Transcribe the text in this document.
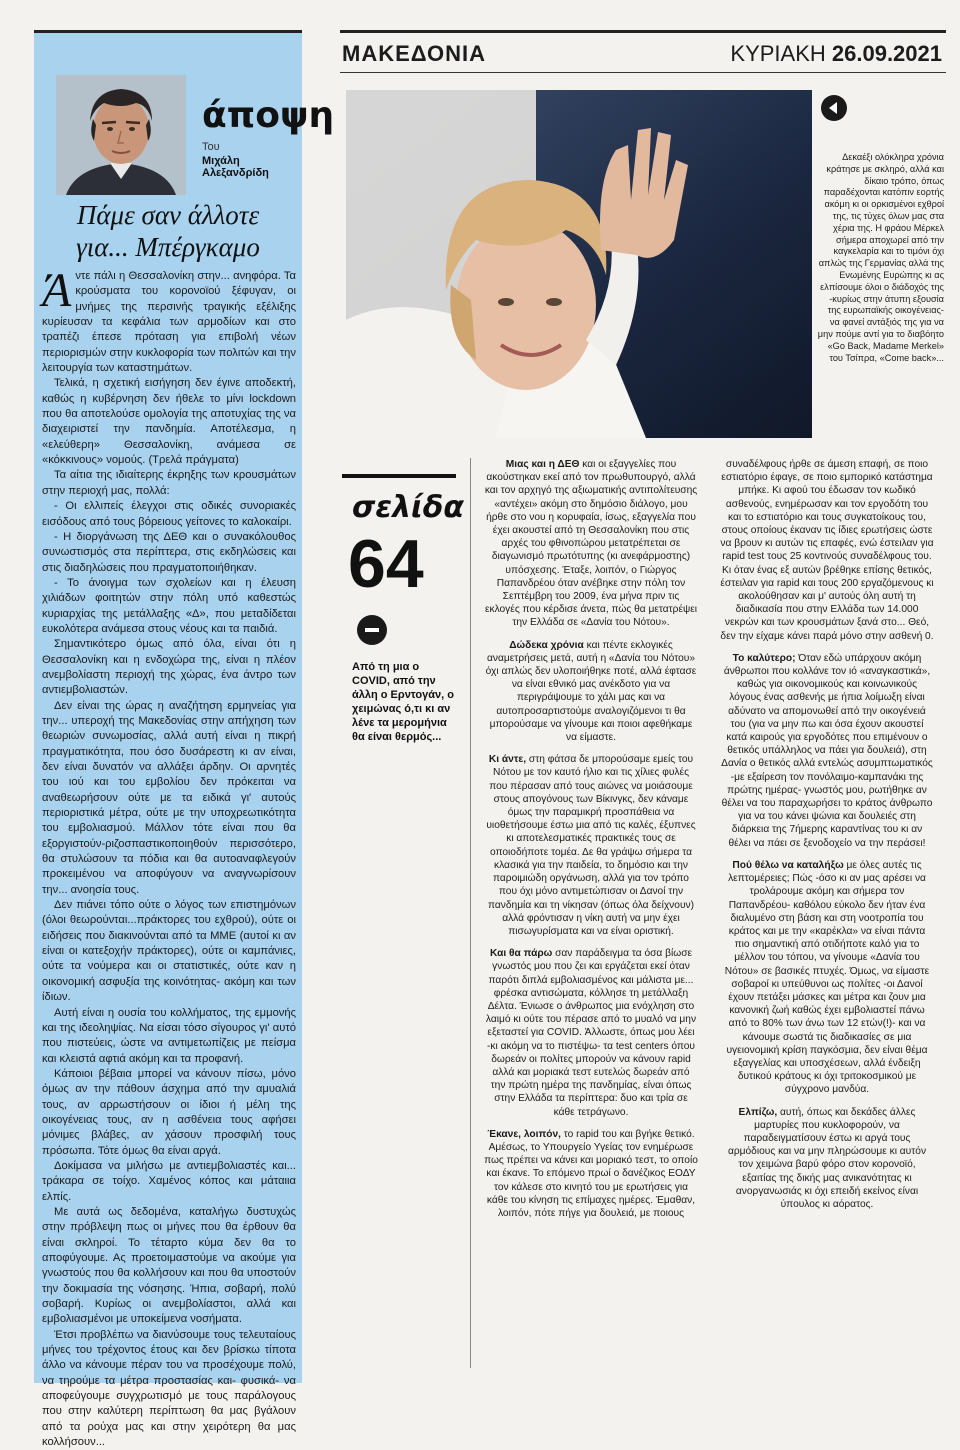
άποψη
Του
Μιχάλη Αλεξανδρίδη
Πάμε σαν άλλοτε
για... Μπέργκαμο

Άντε πάλι η Θεσσαλονίκη στην... ανηφόρα. Τα κρούσματα του κορονοϊού ξέφυγαν, οι μνήμες της περσινής τραγικής εξέλιξης κυρίευσαν τα κεφάλια των αρμοδίων και στο τραπέζι έπεσε πρόταση για επιβολή νέων περιορισμών στην κυκλοφορία των πολιτών και την λειτουργία των καταστημάτων.

Τελικά, η σχετική εισήγηση δεν έγινε αποδεκτή, καθώς η κυβέρνηση δεν ήθελε το μίνι lockdown που θα αποτελούσε ομολογία της αποτυχίας της να διαχειριστεί την πανδημία. Αποτέλεσμα, η «ελεύθερη» Θεσσαλονίκη, ανάμεσα σε «κόκκινους» νομούς. (Τρελά πράγματα)

Τα αίτια της ιδιαίτερης έκρηξης των κρουσμάτων στην περιοχή μας, πολλά:

- Οι ελλιπείς έλεγχοι στις οδικές συνοριακές εισόδους από τους βόρειους γείτονες το καλοκαίρι.

- Η διοργάνωση της ΔΕΘ και ο συνακόλουθος συνωστισμός στα περίπτερα, στις εκδηλώσεις και στις διαδηλώσεις που πραγματοποιήθηκαν.

- Το άνοιγμα των σχολείων και η έλευση χιλιάδων φοιτητών στην πόλη υπό καθεστώς κυριαρχίας της μετάλλαξης «Δ», που μεταδίδεται ευκολότερα ανάμεσα στους νέους και τα παιδιά.

Σημαντικότερο όμως από όλα, είναι ότι η Θεσσαλονίκη και η ενδοχώρα της, είναι η πλέον ανεμβολίαστη περιοχή της χώρας, ένα άντρο των αντιεμβολιαστών.

Δεν είναι της ώρας η αναζήτηση ερμηνείας για την... υπεροχή της Μακεδονίας στην απήχηση των θεωριών συνωμοσίας, αλλά αυτή είναι η πικρή πραγματικότητα, που όσο δυσάρεστη κι αν είναι, δεν είναι δυνατόν να αλλάξει άρδην. Οι αρνητές του ιού και του εμβολίου δεν πρόκειται να αναθεωρήσουν ούτε με τα ειδικά γι' αυτούς περιοριστικά μέτρα, ούτε με την υποχρεωτικότητα του εμβολιασμού. Μάλλον τότε είναι που θα εξοργιστούν-ριζοσπαστικοποιηθούν περισσότερο, θα στυλώσουν τα πόδια και θα αυτοαναφλεγούν προκειμένου να αποφύγουν να αναγνωρίσουν την... ανοησία τους.

Δεν πιάνει τόπο ούτε ο λόγος των επιστημόνων (όλοι θεωρούνται...πράκτορες του εχθρού), ούτε οι ειδήσεις που διακινούνται από τα ΜΜΕ (αυτοί κι αν είναι οι κατεξοχήν πράκτορες), ούτε οι καμπάνιες, ούτε τα νούμερα και οι στατιστικές, ούτε καν η οικονομική ασφυξία της κοινότητας- ακόμη και των ίδιων.

Αυτή είναι η ουσία του κολλήματος, της εμμονής και της ιδεοληψίας. Να είσαι τόσο σίγουρος γι' αυτό που πιστεύεις, ώστε να αντιμετωπίζεις με πείσμα και κλειστά αφτιά ακόμη και τα προφανή.

Κάποιοι βέβαια μπορεί να κάνουν πίσω, μόνο όμως αν την πάθουν άσχημα από την αμυαλιά τους, αν αρρωστήσουν οι ίδιοι ή μέλη της οικογένειας τους, αν η ασθένεια τους αφήσει μόνιμες βλάβες, αν χάσουν προσφιλή τους πρόσωπα. Τότε όμως θα είναι αργά.

Δοκίμασα να μιλήσω με αντιεμβολιαστές και... τράκαρα σε τοίχο. Χαμένος κόπος και μάταιια ελπίς.

Με αυτά ως δεδομένα, καταλήγω δυστυχώς στην πρόβλεψη πως οι μήνες που θα έρθουν θα είναι σκληροί. Το τέταρτο κύμα δεν θα το αποφύγουμε. Ας προετοιμαστούμε να ακούμε για γνωστούς που θα κολλήσουν και που θα υποστούν την δοκιμασία της νόσησης. Ήπια, σοβαρή, πολύ σοβαρή. Κυρίως οι ανεμβολίαστοι, αλλά και εμβολιασμένοι με υποκείμενα νοσήματα.

Έτσι προβλέπω να διανύσουμε τους τελευταίους μήνες του τρέχοντος έτους και δεν βρίσκω τίποτα άλλο να κάνουμε πέραν του να προσέχουμε πολύ, να τηρούμε τα μέτρα προστασίας και- φυσικά- να αποφεύγουμε συγχρωτισμό με τους παράλογους που στην καλύτερη περίπτωση θα μας βγάλουν από τα ρούχα μας και στην χειρότερη θα μας κολλήσουν...

ΜΑΚΕΔΟΝΙΑ	ΚΥΡΙΑΚΗ 26.09.2021
Δεκαέξι ολόκληρα χρόνια κράτησε με σκληρό, αλλά και δίκαιο τρόπο, όπως παραδέχονται κατόπιν εορτής ακόμη κι οι ορκισμένοι εχθροί της, τις τύχες όλων μας στα χέρια της. Η φράου Μέρκελ σήμερα αποχωρεί από την καγκελαρία και το τιμόνι όχι απλώς της Γερμανίας αλλά της Ενωμένης Ευρώπης κι ας ελπίσουμε όλοι ο διάδοχός της -κυρίως στην άτυπη εξουσία της ευρωπαϊκής οικογένειας- να φανεί αντάξιός της για να μην πούμε αντί για το διαβόητο «Go Back, Madame Merkel» του Τσίπρα, «Come back»...
σελίδα
64
Από τη μια ο COVID, από την άλλη ο Ερντογάν, ο χειμώνας ό,τι κι αν λένε τα μερομήνια θα είναι θερμός...

Μιας και η ΔΕΘ και οι εξαγγελίες που ακούστηκαν εκεί από τον πρωθυπουργό, αλλά και τον αρχηγό της αξιωματικής αντιπολίτευσης «αντέχει» ακόμη στο δημόσιο διάλογο, μου ήρθε στο νου η κορυφαία, ίσως, εξαγγελία που έχει ακουστεί από τη Θεσσαλονίκη που στις αρχές του φθινοπώρου μετατρέπεται σε διαγωνισμό πρωτότυπης (κι ανεφάρμοστης) υπόσχεσης. Έταξε, λοιπόν, ο Γιώργος Παπανδρέου όταν ανέβηκε στην πόλη τον Σεπτέμβρη του 2009, ένα μήνα πριν τις εκλογές που κέρδισε άνετα, πώς θα μετατρέψει την Ελλάδα σε «Δανία του Νότου».

Δώδεκα χρόνια και πέντε εκλογικές αναμετρήσεις μετά, αυτή η «Δανία του Νότου» όχι απλώς δεν υλοποιήθηκε ποτέ, αλλά έφτασε να είναι εθνικό μας ανέκδοτο για να περιγράψουμε το χάλι μας και να αυτοπροσαρτιστούμε αναλογιζόμενοι τι θα μπορούσαμε να γίνουμε και ποιοι αφεθήκαμε να είμαστε.

Κι άντε, στη φάτσα δε μπορούσαμε εμείς του Νότου με τον καυτό ήλιο και τις χίλιες φυλές που πέρασαν από τους αιώνες να μοιάσουμε στους απογόνους των Βίκινγκς, δεν κάναμε όμως την παραμικρή προσπάθεια να υιοθετήσουμε έστω μια από τις καλές, έξυπνες κι αποτελεσματικές πρακτικές τους σε οποιοδήποτε τομέα. Δε θα γράψω σήμερα τα κλασικά για την παιδεία, το δημόσιο και την παροιμιώδη οργάνωση, αλλά για τον τρόπο που όχι μόνο αντιμετώπισαν οι Δανοί την πανδημία και τη νίκησαν (όπως όλα δείχνουν) αλλά φρόντισαν η νίκη αυτή να μην έχει πισωγυρίσματα και να είναι οριστική.

Και θα πάρω σαν παράδειγμα τα όσα βίωσε γνωστός μου που ζει και εργάζεται εκεί όταν παρότι διπλά εμβολιασμένος και μάλιστα με... φρέσκα αντισώματα, κόλλησε τη μετάλλαξη Δέλτα. Ένιωσε ο άνθρωπος μια ενόχληση στο λαιμό κι ούτε του πέρασε από το μυαλό να μην εξεταστεί για COVID. Άλλωστε, όπως μου λέει -κι ακόμη να το πιστέψω- τα test centers όπου δωρεάν οι πολίτες μπορούν να κάνουν rapid αλλά και μοριακά τεστ ευτελώς δωρεάν από την πρώτη ημέρα της πανδημίας, είναι όπως στην Ελλάδα τα περίπτερα: δυο και τρία σε κάθε τετράγωνο.

Έκανε, λοιπόν, το rapid του και βγήκε θετικό. Αμέσως, το Υπουργείο Υγείας τον ενημέρωσε πως πρέπει να κάνει και μοριακό τεστ, το οποίο και έκανε. Το επόμενο πρωί ο δανέζικος ΕΟΔΥ τον κάλεσε στο κινητό του με ερωτήσεις για κάθε του κίνηση τις επίμαχες ημέρες. Έμαθαν, λοιπόν, πότε πήγε για δουλειά, με ποιους

συναδέλφους ήρθε σε άμεση επαφή, σε ποιο εστιατόριο έφαγε, σε ποιο εμπορικό κατάστημα μπήκε. Κι αφού του έδωσαν τον κωδικό ασθενούς, ενημέρωσαν και τον εργοδότη του και το εστιατόριο και τους συγκατοίκους του, στους οποίους έκαναν τις ίδιες ερωτήσεις ώστε να βρουν κι αυτών τις επαφές, ενώ έστειλαν για rapid test τους 25 κοντινούς συναδέλφους του. Κι όταν ένας εξ αυτών βρέθηκε επίσης θετικός, έστειλαν για rapid και τους 200 εργαζόμενους κι ακολούθησαν και μ' αυτούς όλη αυτή τη διαδικασία που στην Ελλάδα των 14.000 νεκρών και των κρουσμάτων ξανά στο... Θεό, δεν την είχαμε κάνει παρά μόνο στην ασθενή 0.

Το καλύτερο; Όταν εδώ υπάρχουν ακόμη άνθρωποι που κολλάνε τον ιό «αναγκαστικά», καθώς για οικονομικούς και κοινωνικούς λόγους ένας ασθενής με ήπια λοίμωξη είναι αδύνατο να απομονωθεί από την οικογένειά του (για να μην πω και όσα έχουν ακουστεί κατά καιρούς για εργοδότες που επιμένουν ο θετικός υπάλληλος να πάει για δουλειά), στη Δανία ο θετικός αλλά εντελώς ασυμπτωματικός -με εξαίρεση τον πονόλαιμο-καμπανάκι της πρώτης ημέρας- γνωστός μου, ρωτήθηκε αν θέλει να του παραχωρήσει το κράτος άνθρωπο για να του κάνει ψώνια και δουλειές στη διάρκεια της 7ήμερης καραντίνας του κι αν θέλει να πάει σε ξενοδοχείο να την περάσει!

Πού θέλω να καταλήξω με όλες αυτές τις λεπτομέρειες; Πώς -όσο κι αν μας αρέσει να τρολάρουμε ακόμη και σήμερα τον Παπανδρέου- καθόλου εύκολο δεν ήταν ένα διαλυμένο στη βάση και στη νοοτροπία του κράτος και με την «καρέκλα» να είναι πάντα πιο σημαντική από οτιδήποτε καλό για το μέλλον του τόπου, να γίνουμε «Δανία του Νότου» σε βασικές πτυχές. Όμως, να είμαστε σοβαροί κι υπεύθυνοι ως πολίτες -οι Δανοί έχουν πετάξει μάσκες και μέτρα και ζουν μια κανονική ζωή καθώς έχει εμβολιαστεί πάνω από το 80% των άνω των 12 ετών(!)- και να κάνουμε σωστά τις διαδικασίες σε μια υγειονομική κρίση παγκόσμια, δεν είναι θέμα εξαγγελίας και υποσχέσεων, αλλά ένδειξη δυτικού κράτους κι όχι τριτοκοσμικού με σύγχρονο μανδύα.

Ελπίζω, αυτή, όπως και δεκάδες άλλες μαρτυρίες που κυκλοφορούν, να παραδειγματίσουν έστω κι αργά τους αρμόδιους και να μην πληρώσουμε κι αυτόν τον χειμώνα βαρύ φόρο στον κορονοϊό, εξαιτίας της δικής μας ανικανότητας κι ανοργανωσιάς κι όχι επειδή εκείνος είναι ύπουλος κι αόρατος.
